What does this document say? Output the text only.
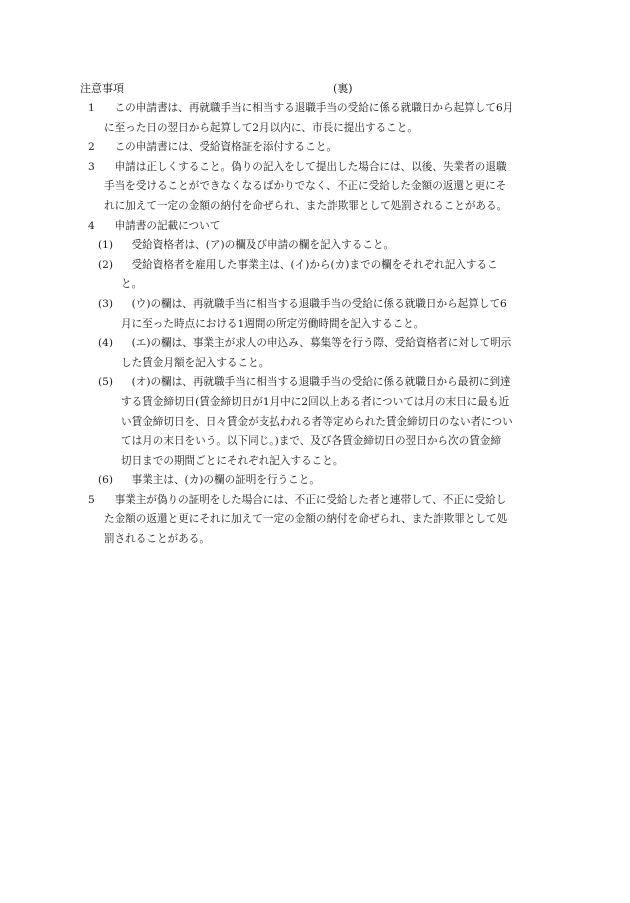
注意事項	(裏)
1 　この申請書は、再就職手当に相当する退職手当の受給に係る就職日から起算して6月
に至った日の翌日から起算して2月以内に、市長に提出すること。
2 　この申請書には、受給資格証を添付すること。
3 　申請は正しくすること。偽りの記入をして提出した場合には、以後、失業者の退職
手当を受けることができなくなるばかりでなく、不正に受給した金額の返還と更にそ
れに加えて一定の金額の納付を命ぜられ、また詐欺罪として処罰されることがある。
4 　申請書の記載について
(1) 　受給資格者は、(ア)の欄及び申請の欄を記入すること。
(2) 　受給資格者を雇用した事業主は、(イ)から(カ)までの欄をそれぞれ記入するこ
と。
(3) 　(ウ)の欄は、再就職手当に相当する退職手当の受給に係る就職日から起算して6
月に至った時点における1週間の所定労働時間を記入すること。
(4) 　(エ)の欄は、事業主が求人の申込み、募集等を行う際、受給資格者に対して明示
した賃金月額を記入すること。
(5) 　(オ)の欄は、再就職手当に相当する退職手当の受給に係る就職日から最初に到達
する賃金締切日(賃金締切日が1月中に2回以上ある者については月の末日に最も近
い賃金締切日を、日々賃金が支払われる者等定められた賃金締切日のない者につい
ては月の末日をいう。以下同じ。)まで、及び各賃金締切日の翌日から次の賃金締
切日までの期間ごとにそれぞれ記入すること。
(6) 　事業主は、(カ)の欄の証明を行うこと。
5 　事業主が偽りの証明をした場合には、不正に受給した者と連帯して、不正に受給し
た金額の返還と更にそれに加えて一定の金額の納付を命ぜられ、また詐欺罪として処
罰されることがある。
